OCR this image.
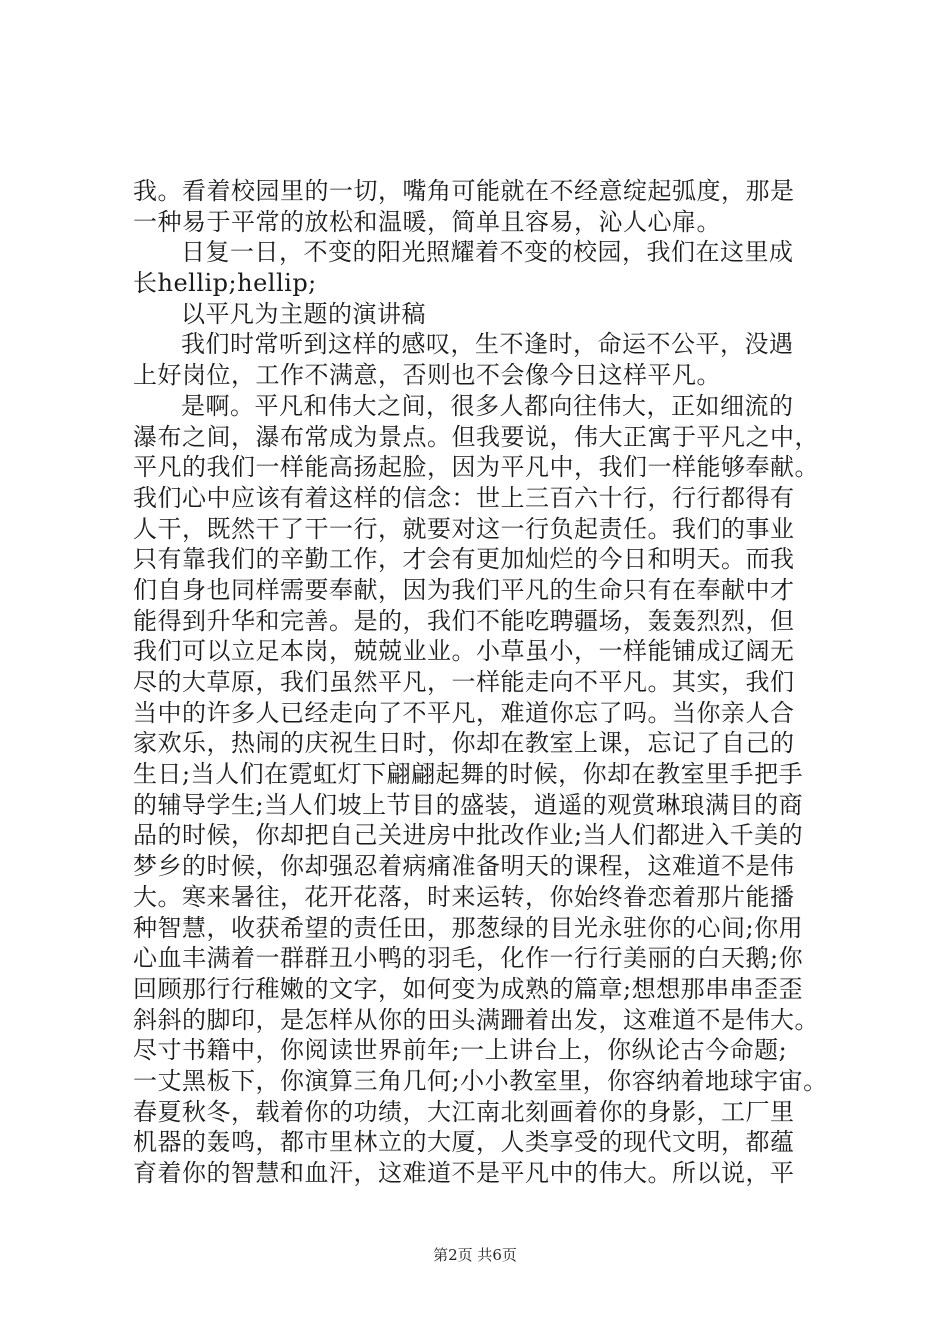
我。看着校园里的一切，嘴角可能就在不经意绽起弧度，那是
一种易于平常的放松和温暖，简单且容易，沁人心扉。
日复一日，不变的阳光照耀着不变的校园，我们在这里成
长hellip;hellip;
以平凡为主题的演讲稿
我们时常听到这样的感叹，生不逢时，命运不公平，没遇
上好岗位，工作不满意，否则也不会像今日这样平凡。
是啊。平凡和伟大之间，很多人都向往伟大，正如细流的
瀑布之间，瀑布常成为景点。但我要说，伟大正寓于平凡之中，
平凡的我们一样能高扬起脸，因为平凡中，我们一样能够奉献。
我们心中应该有着这样的信念：世上三百六十行，行行都得有
人干，既然干了干一行，就要对这一行负起责任。我们的事业
只有靠我们的辛勤工作，才会有更加灿烂的今日和明天。而我
们自身也同样需要奉献，因为我们平凡的生命只有在奉献中才
能得到升华和完善。是的，我们不能吃聘疆场，轰轰烈烈，但
我们可以立足本岗，兢兢业业。小草虽小，一样能铺成辽阔无
尽的大草原，我们虽然平凡，一样能走向不平凡。其实，我们
当中的许多人已经走向了不平凡，难道你忘了吗。当你亲人合
家欢乐，热闹的庆祝生日时，你却在教室上课，忘记了自己的
生日;当人们在霓虹灯下翩翩起舞的时候，你却在教室里手把手
的辅导学生;当人们坡上节目的盛装，逍遥的观赏琳琅满目的商
品的时候，你却把自己关进房中批改作业;当人们都进入千美的
梦乡的时候，你却强忍着病痛准备明天的课程，这难道不是伟
大。寒来暑往，花开花落，时来运转，你始终眷恋着那片能播
种智慧，收获希望的责任田，那葱绿的目光永驻你的心间;你用
心血丰满着一群群丑小鸭的羽毛，化作一行行美丽的白天鹅;你
回顾那行行稚嫩的文字，如何变为成熟的篇章;想想那串串歪歪
斜斜的脚印，是怎样从你的田头满跚着出发，这难道不是伟大。
尽寸书籍中，你阅读世界前年;一上讲台上，你纵论古今命题;
一丈黑板下，你演算三角几何;小小教室里，你容纳着地球宇宙。
春夏秋冬，载着你的功绩，大江南北刻画着你的身影，工厂里
机器的轰鸣，都市里林立的大厦，人类享受的现代文明，都蕴
育着你的智慧和血汗，这难道不是平凡中的伟大。所以说，平
第2页 共6页
